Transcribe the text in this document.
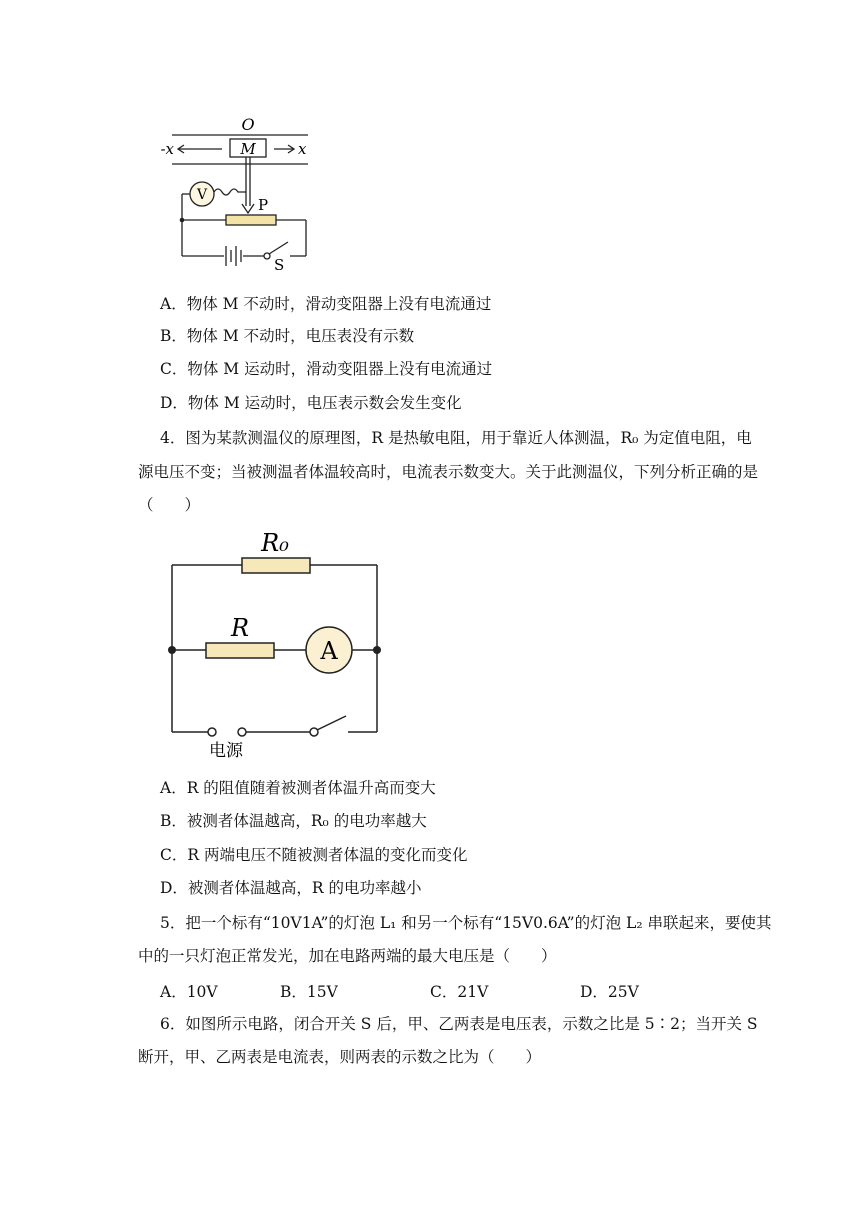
O
M
-x	x
V
P
S
A．物体 M 不动时，滑动变阻器上没有电流通过
B．物体 M 不动时，电压表没有示数
C．物体 M 运动时，滑动变阻器上没有电流通过
D．物体 M 运动时，电压表示数会发生变化
4．图为某款测温仪的原理图，R 是热敏电阻，用于靠近人体测温，R₀ 为定值电阻，电
源电压不变；当被测温者体温较高时，电流表示数变大。关于此测温仪，下列分析正确的是
（　　）
R₀
R
A
电源
A．R 的阻值随着被测者体温升高而变大
B．被测者体温越高，R₀ 的电功率越大
C．R 两端电压不随被测者体温的变化而变化
D．被测者体温越高，R 的电功率越小
5．把一个标有“10V1A”的灯泡 L₁ 和另一个标有“15V0.6A”的灯泡 L₂ 串联起来，要使其
中的一只灯泡正常发光，加在电路两端的最大电压是（　　）
A．10V	B．15V	C．21V	D．25V
6．如图所示电路，闭合开关 S 后，甲、乙两表是电压表，示数之比是 5∶2；当开关 S
断开，甲、乙两表是电流表，则两表的示数之比为（　　）
